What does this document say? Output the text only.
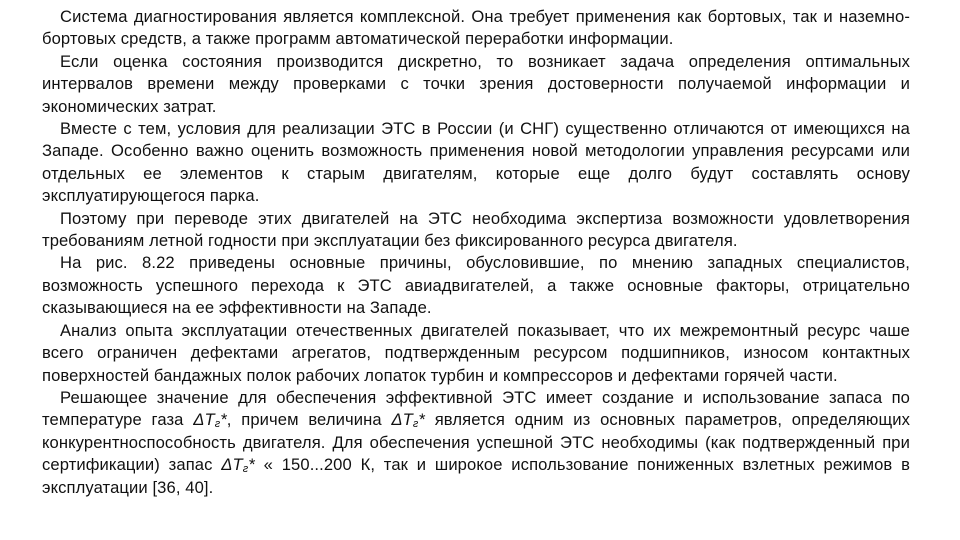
Система диагностирования является комплексной. Она требует применения как бортовых, так и наземно-бортовых средств, а также программ автоматической переработки информации.

Если оценка состояния производится дискретно, то возникает задача определения оптимальных интервалов времени между проверками с точки зрения достоверности получаемой информации и экономических затрат.

Вместе с тем, условия для реализации ЭТС в России (и СНГ) существенно отличаются от имеющихся на Западе. Особенно важно оценить возможность применения новой методологии управления ресурсами или отдельных ее элементов к старым двигателям, которые еще долго будут составлять основу эксплуатирующегося парка.

Поэтому при переводе этих двигателей на ЭТС необходима экспертиза возможности удовлетворения требованиям летной годности при эксплуатации без фиксированного ресурса двигателя.

На рис. 8.22 приведены основные причины, обусловившие, по мнению западных специалистов, возможность успешного перехода к ЭТС авиадвигателей, а также основные факторы, отрицательно сказывающиеся на ее эффективности на Западе.

Анализ опыта эксплуатации отечественных двигателей показывает, что их межремонтный ресурс чаше всего ограничен дефектами агрегатов, подтвержденным ресурсом подшипников, износом контактных поверхностей бандажных полок рабочих лопаток турбин и компрессоров и дефектами горячей части.

Решающее значение для обеспечения эффективной ЭТС имеет создание и использование запаса по температуре газа $\Delta T_г*$, причем величина $\Delta T_г*$ является одним из основных параметров, определяющих конкурентноспособность двигателя. Для обеспечения успешной ЭТС необходимы (как подтвержденный при сертификации) запас $\Delta T_г*$ « 150...200 К, так и широкое использование пониженных взлетных режимов в эксплуатации [36, 40].
